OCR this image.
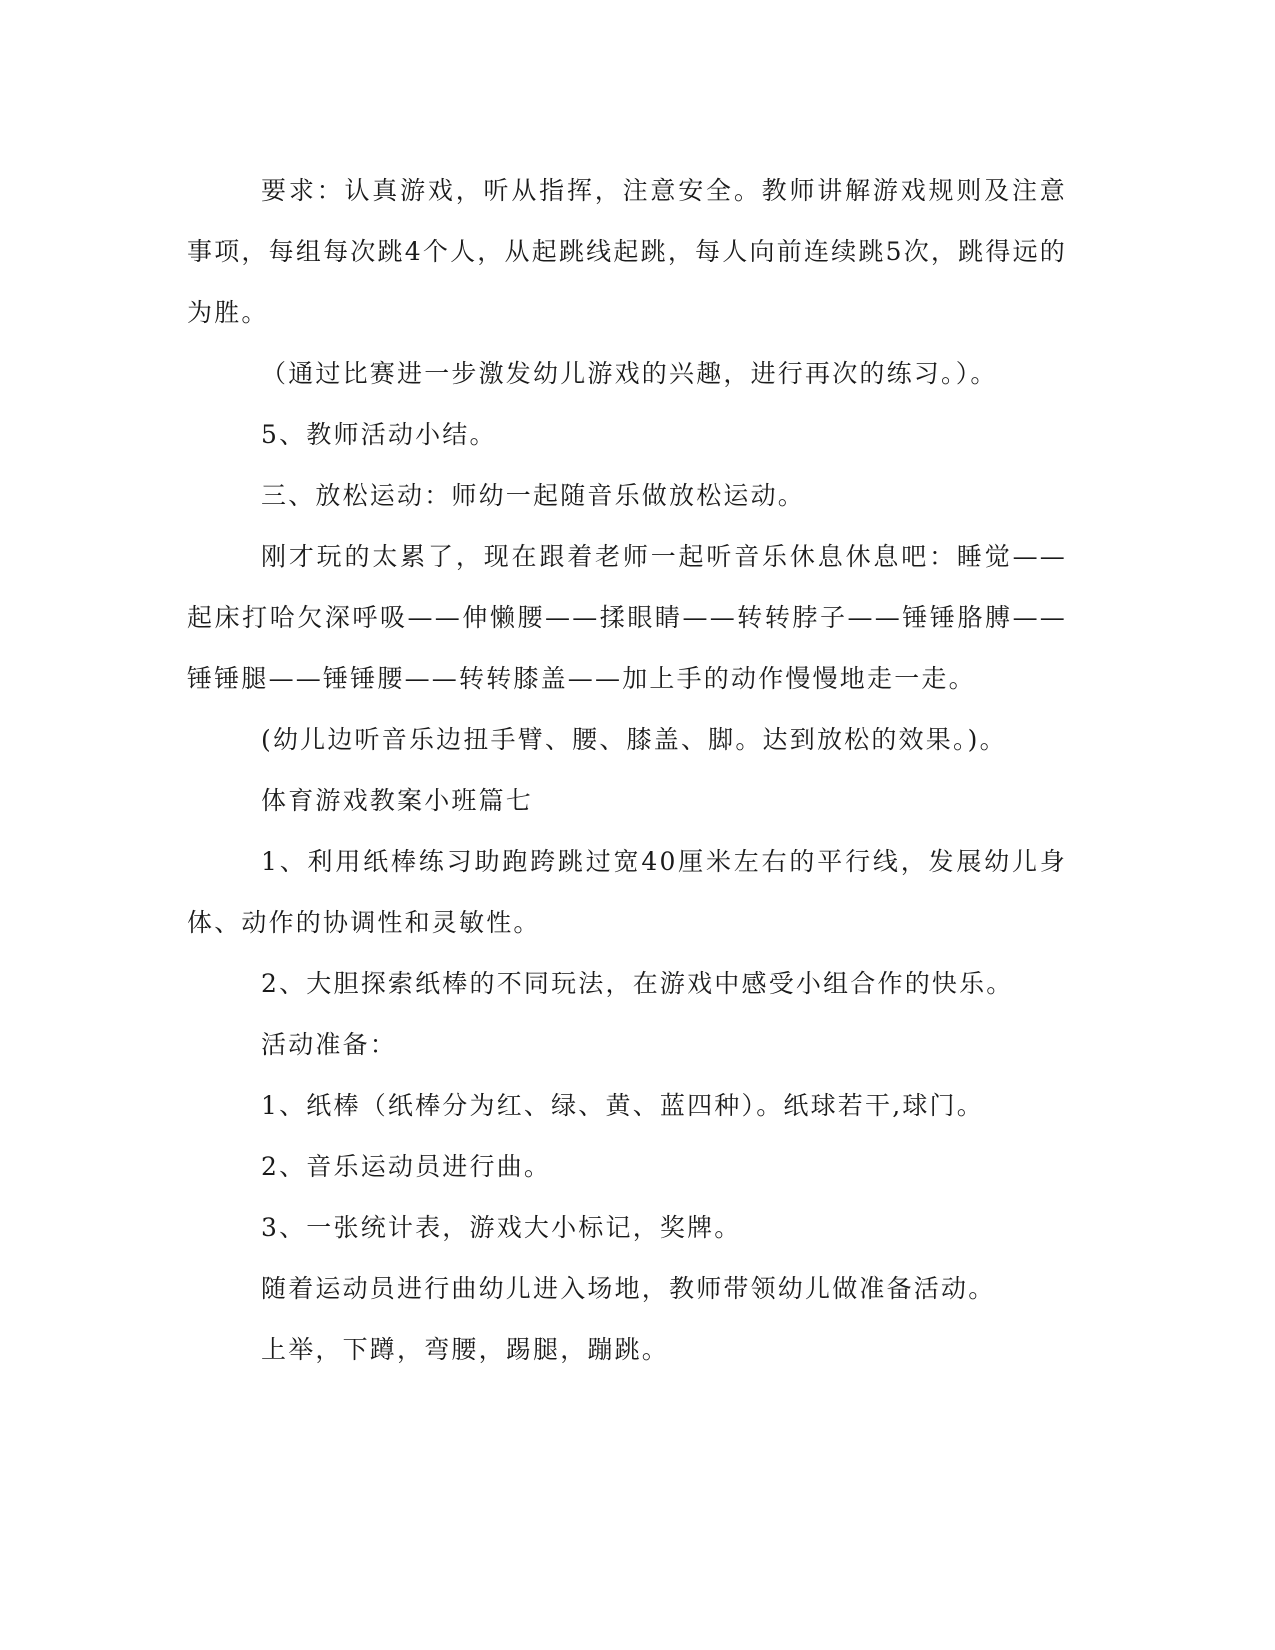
要求：认真游戏，听从指挥，注意安全。教师讲解游戏规则及注意事项，每组每次跳4个人，从起跳线起跳，每人向前连续跳5次，跳得远的为胜。

（通过比赛进一步激发幼儿游戏的兴趣，进行再次的练习。）。

5、教师活动小结。

三、放松运动：师幼一起随音乐做放松运动。

刚才玩的太累了，现在跟着老师一起听音乐休息休息吧：睡觉——起床打哈欠深呼吸——伸懒腰——揉眼睛——转转脖子——锤锤胳膊——锤锤腿——锤锤腰——转转膝盖——加上手的动作慢慢地走一走。

(幼儿边听音乐边扭手臂、腰、膝盖、脚。达到放松的效果。)。

体育游戏教案小班篇七

1、利用纸棒练习助跑跨跳过宽40厘米左右的平行线，发展幼儿身体、动作的协调性和灵敏性。

2、大胆探索纸棒的不同玩法，在游戏中感受小组合作的快乐。

活动准备：

1、纸棒（纸棒分为红、绿、黄、蓝四种）。纸球若干,球门。

2、音乐运动员进行曲。

3、一张统计表，游戏大小标记，奖牌。

随着运动员进行曲幼儿进入场地，教师带领幼儿做准备活动。

上举，下蹲，弯腰，踢腿，蹦跳。
